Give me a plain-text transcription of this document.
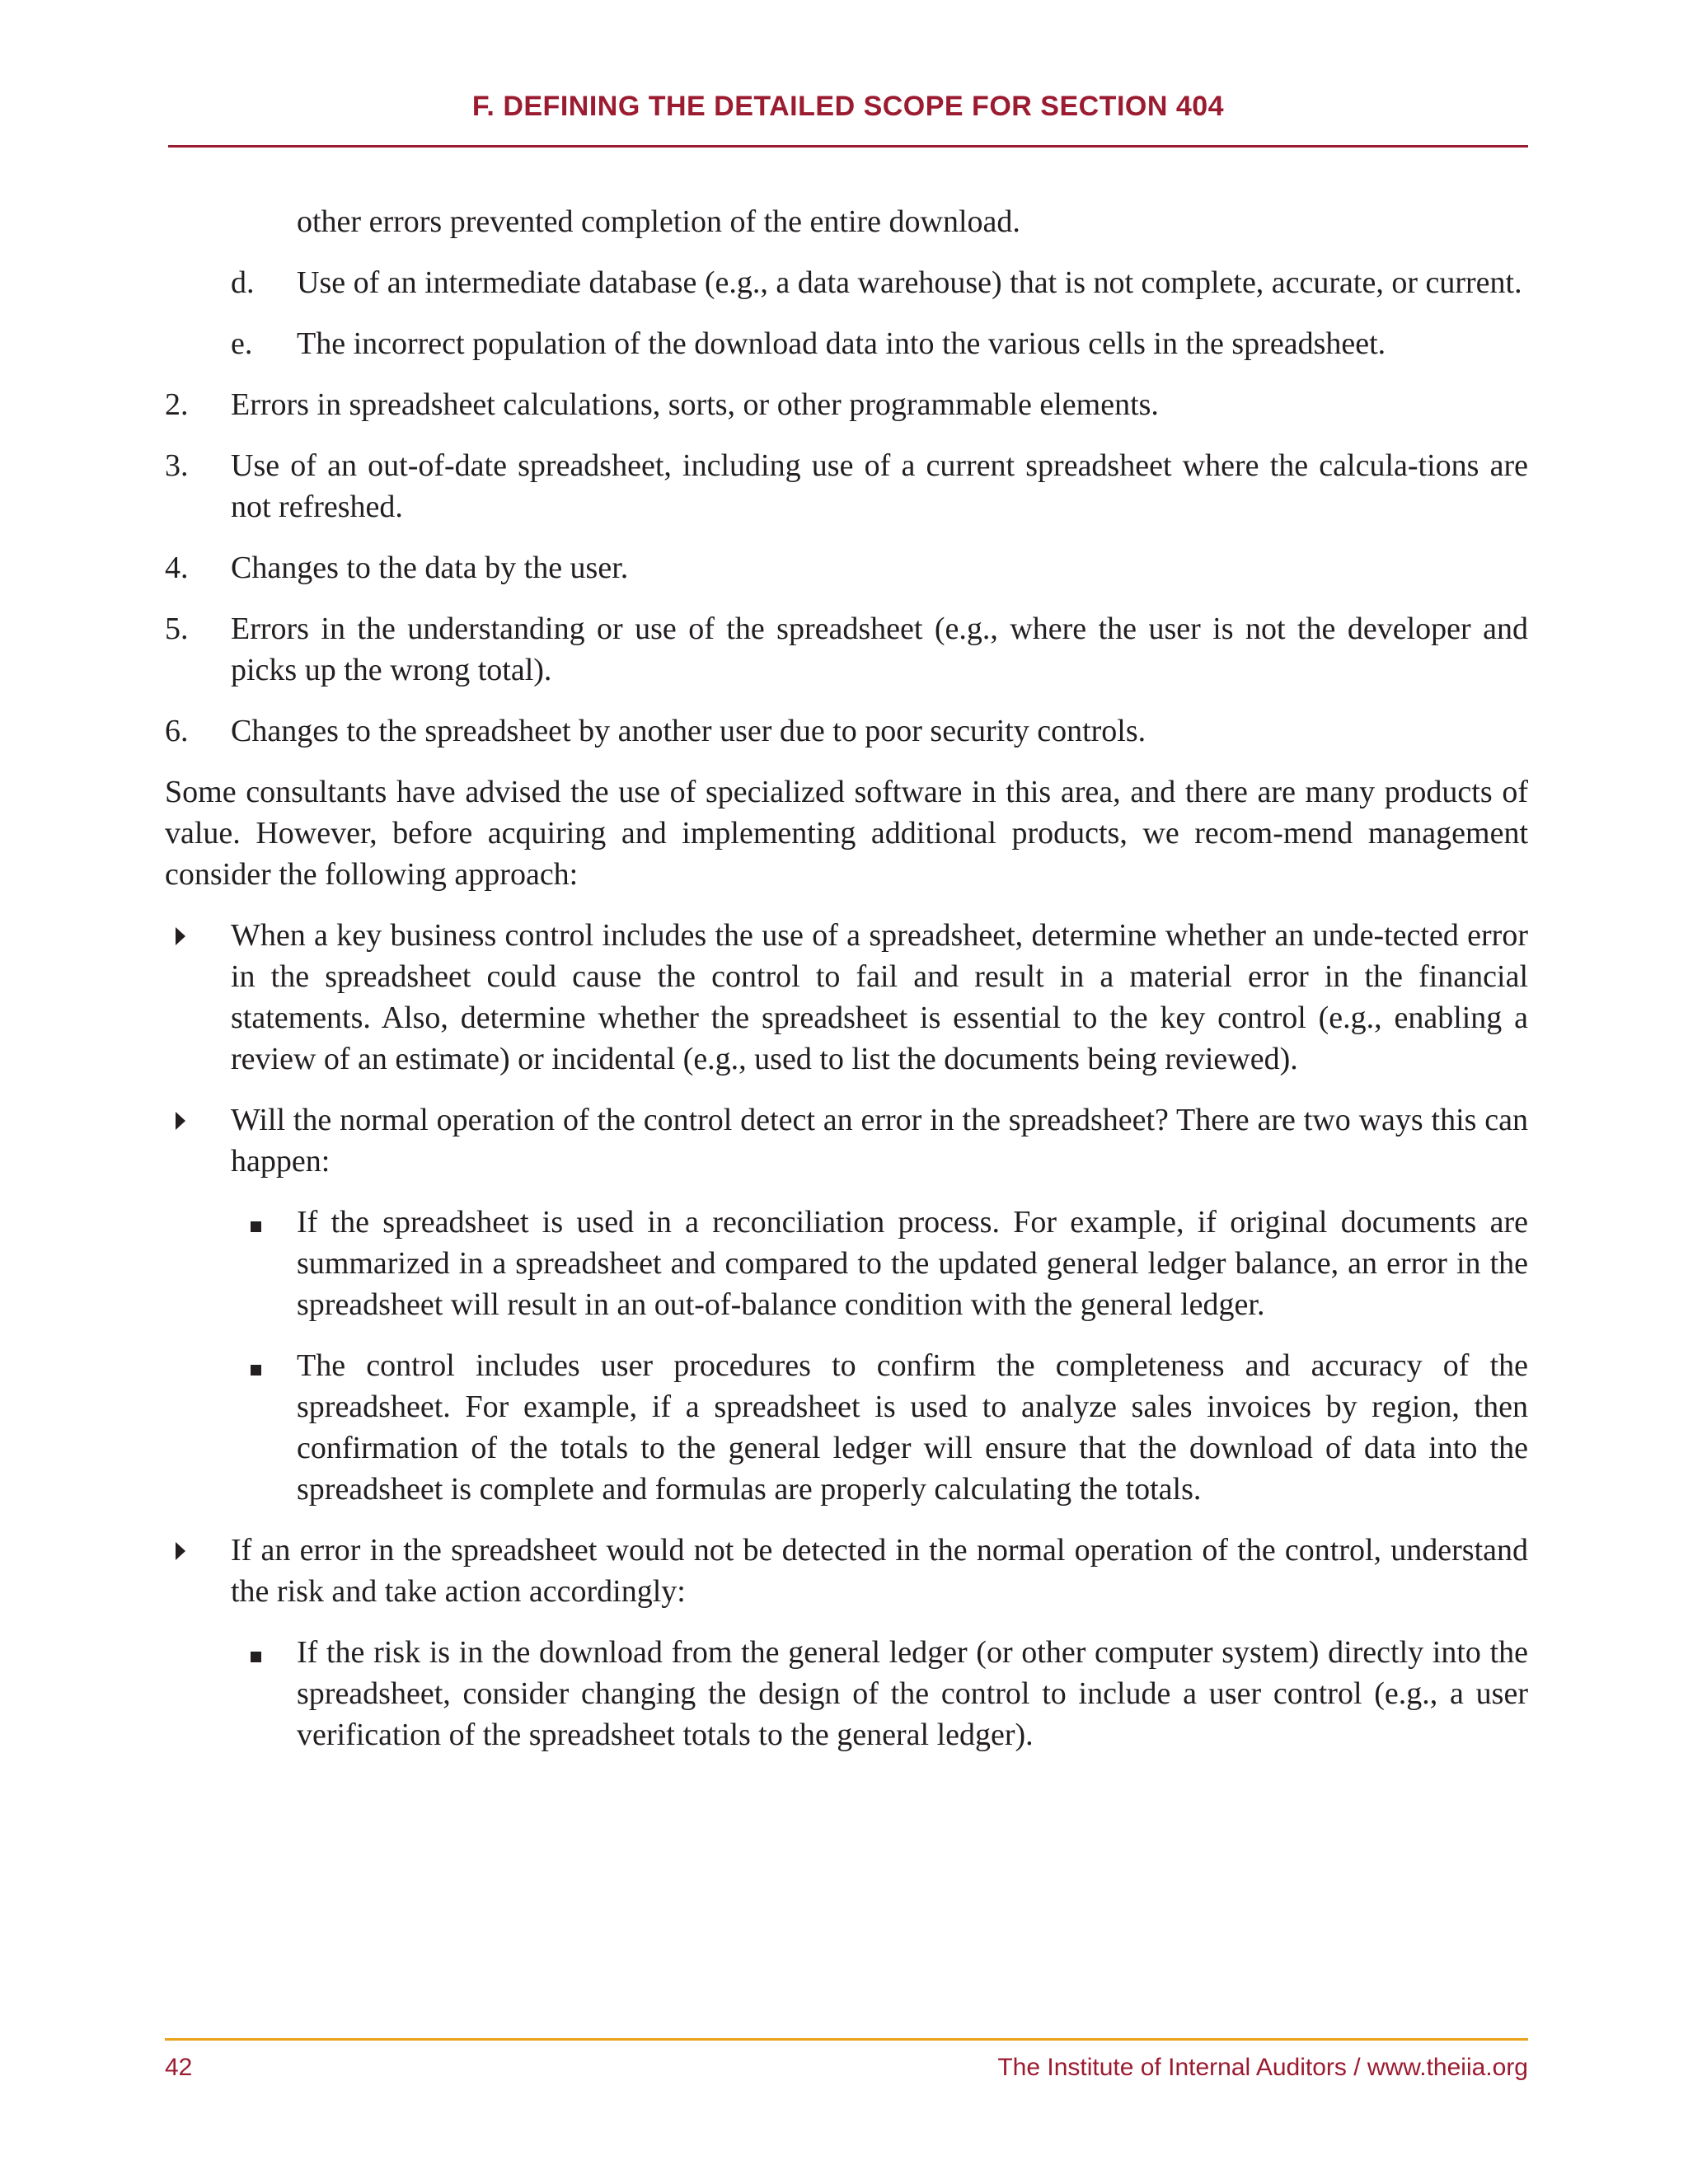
F. DEFINING THE DETAILED SCOPE FOR SECTION 404
other errors prevented completion of the entire download.
d.	Use of an intermediate database (e.g., a data warehouse) that is not complete, accurate, or current.
e.	The incorrect population of the download data into the various cells in the spreadsheet.
2.	Errors in spreadsheet calculations, sorts, or other programmable elements.
3.	Use of an out-of-date spreadsheet, including use of a current spreadsheet where the calcula-tions are not refreshed.
4.	Changes to the data by the user.
5.	Errors in the understanding or use of the spreadsheet (e.g., where the user is not the developer and picks up the wrong total).
6.	Changes to the spreadsheet by another user due to poor security controls.
Some consultants have advised the use of specialized software in this area, and there are many products of value. However, before acquiring and implementing additional products, we recom-mend management consider the following approach:
When a key business control includes the use of a spreadsheet, determine whether an unde-tected error in the spreadsheet could cause the control to fail and result in a material error in the financial statements. Also, determine whether the spreadsheet is essential to the key control (e.g., enabling a review of an estimate) or incidental (e.g., used to list the documents being reviewed).
Will the normal operation of the control detect an error in the spreadsheet? There are two ways this can happen:
If the spreadsheet is used in a reconciliation process. For example, if original documents are summarized in a spreadsheet and compared to the updated general ledger balance, an error in the spreadsheet will result in an out-of-balance condition with the general ledger.
The control includes user procedures to confirm the completeness and accuracy of the spreadsheet. For example, if a spreadsheet is used to analyze sales invoices by region, then confirmation of the totals to the general ledger will ensure that the download of data into the spreadsheet is complete and formulas are properly calculating the totals.
If an error in the spreadsheet would not be detected in the normal operation of the control, understand the risk and take action accordingly:
If the risk is in the download from the general ledger (or other computer system) directly into the spreadsheet, consider changing the design of the control to include a user control (e.g., a user verification of the spreadsheet totals to the general ledger).
42	The Institute of Internal Auditors / www.theiia.org
